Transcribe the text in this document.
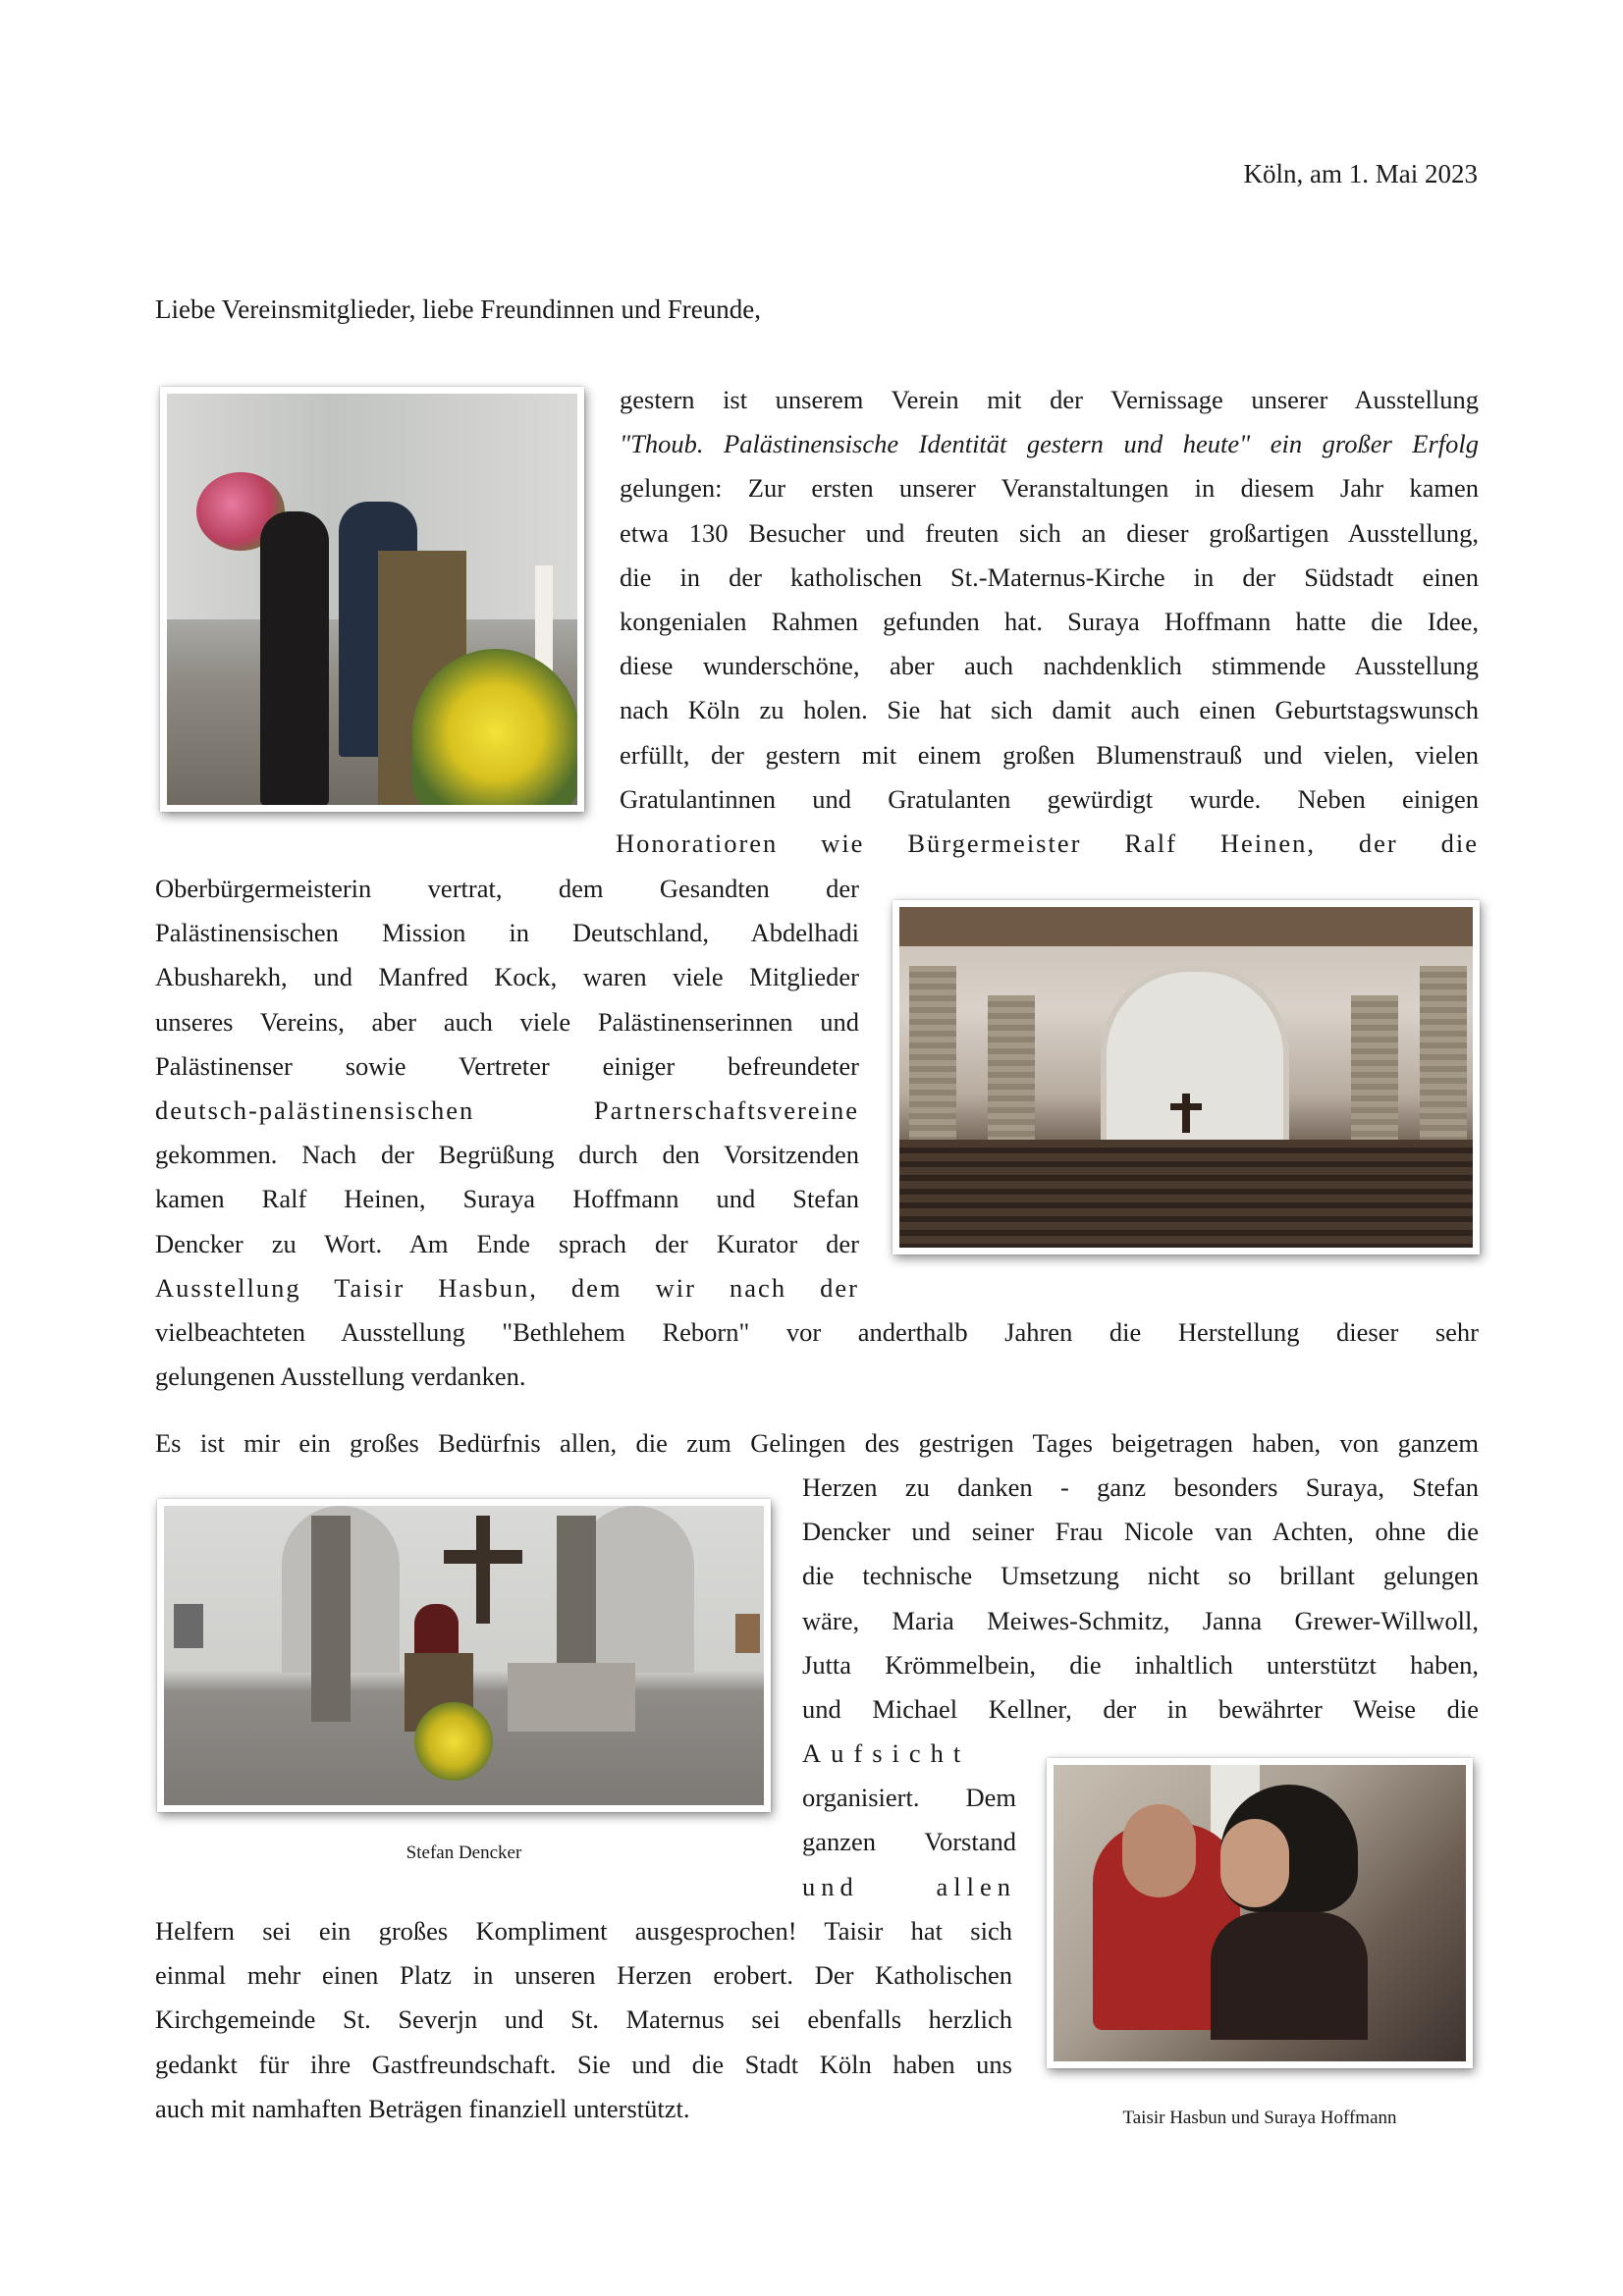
Köln, am 1. Mai 2023
Liebe Vereinsmitglieder, liebe Freundinnen und Freunde,
gestern ist unserem Verein mit der Vernissage unserer Ausstellung
"Thoub. Palästinensische Identität gestern und heute" ein großer Erfolg
gelungen: Zur ersten unserer Veranstaltungen in diesem Jahr kamen
etwa 130 Besucher und freuten sich an dieser großartigen Ausstellung,
die in der katholischen St.-Maternus-Kirche in der Südstadt einen
kongenialen Rahmen gefunden hat. Suraya Hoffmann hatte die Idee,
diese wunderschöne, aber auch nachdenklich stimmende Ausstellung
nach Köln zu holen. Sie hat sich damit auch einen Geburtstagswunsch
erfüllt, der gestern mit einem großen Blumenstrauß und vielen, vielen
Gratulantinnen und Gratulanten gewürdigt wurde. Neben einigen
Honoratioren wie Bürgermeister Ralf Heinen, der die
Oberbürgermeisterin vertrat, dem Gesandten der
Palästinensischen Mission in Deutschland, Abdelhadi
Abusharekh, und Manfred Kock, waren viele Mitglieder
unseres Vereins, aber auch viele Palästinenserinnen und
Palästinenser sowie Vertreter einiger befreundeter
deutsch-palästinensischen Partnerschaftsvereine
gekommen. Nach der Begrüßung durch den Vorsitzenden
kamen Ralf Heinen, Suraya Hoffmann und Stefan
Dencker zu Wort. Am Ende sprach der Kurator der
Ausstellung Taisir Hasbun, dem wir nach der
vielbeachteten Ausstellung "Bethlehem Reborn" vor anderthalb Jahren die Herstellung dieser sehr
gelungenen Ausstellung verdanken.
Es ist mir ein großes Bedürfnis allen, die zum Gelingen des gestrigen Tages beigetragen haben, von ganzem
Stefan Dencker
Herzen zu danken - ganz besonders Suraya, Stefan
Dencker und seiner Frau Nicole van Achten, ohne die
die technische Umsetzung nicht so brillant gelungen
wäre, Maria Meiwes-Schmitz, Janna Grewer-Willwoll,
Jutta Krömmelbein, die inhaltlich unterstützt haben,
und Michael Kellner, der in bewährter Weise die
Aufsicht
organisiert. Dem
ganzen Vorstand
und allen
Taisir Hasbun und Suraya Hoffmann
Helfern sei ein großes Kompliment ausgesprochen! Taisir hat sich
einmal mehr einen Platz in unseren Herzen erobert. Der Katholischen
Kirchgemeinde St. Severjn und St. Maternus sei ebenfalls herzlich
gedankt für ihre Gastfreundschaft. Sie und die Stadt Köln haben uns
auch mit namhaften Beträgen finanziell unterstützt.
